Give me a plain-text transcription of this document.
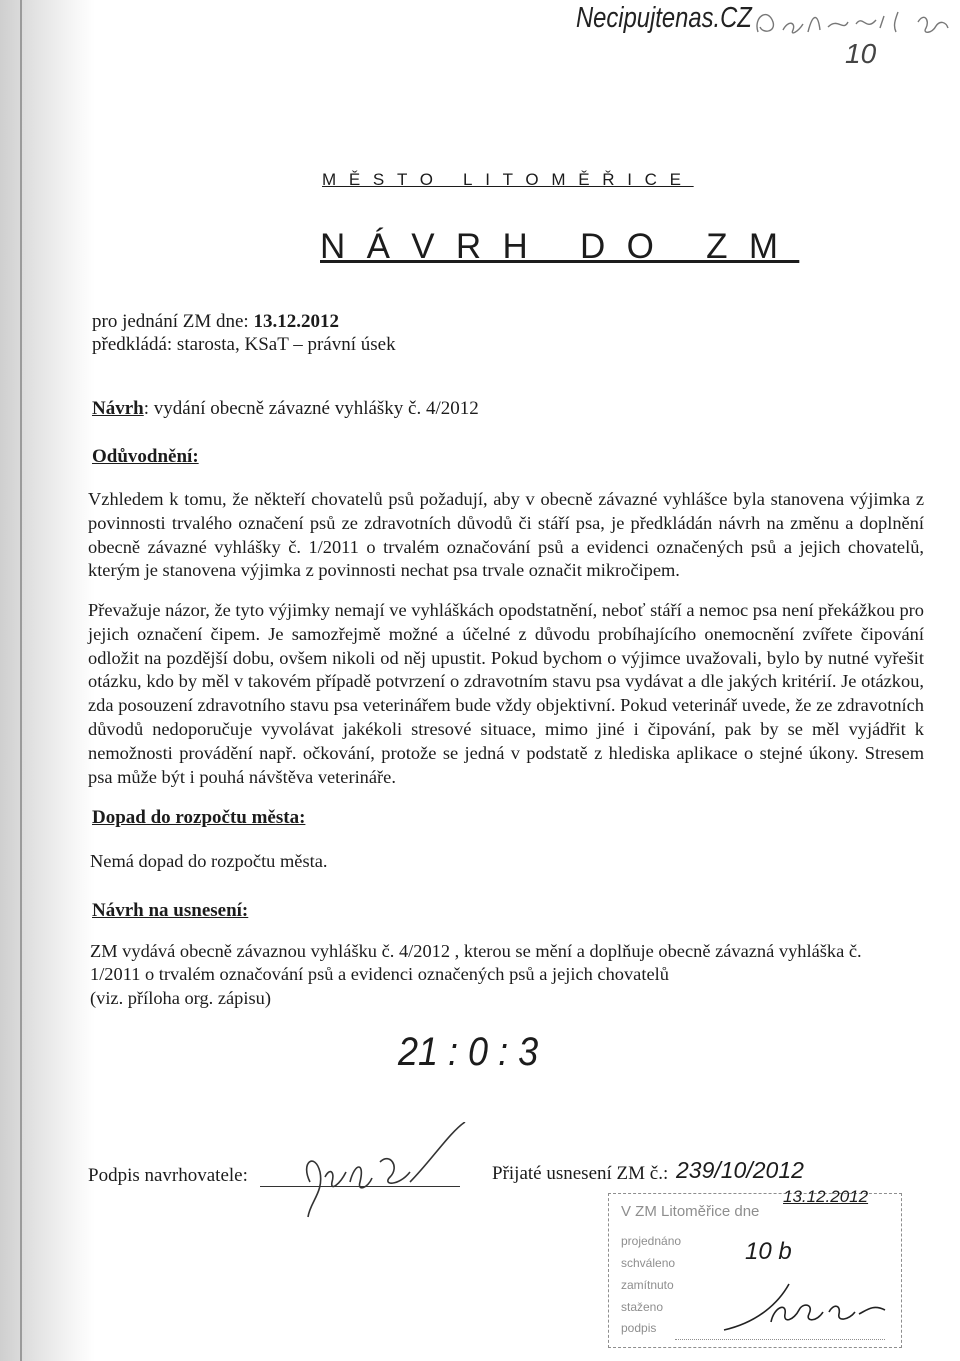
Necipujtenas.CZ
10
MĚSTO LITOMĚŘICE
NÁVRH DO ZM
pro jednání ZM dne: 13.12.2012
předkládá: starosta, KSaT – právní úsek
Návrh: vydání obecně závazné vyhlášky č. 4/2012
Odůvodnění:
Vzhledem k tomu, že někteří chovatelů psů požadují, aby v obecně závazné vyhlášce byla stanovena výjimka z povinnosti trvalého označení psů ze zdravotních důvodů či stáří psa, je předkládán návrh na změnu a doplnění obecně závazné vyhlášky č. 1/2011 o trvalém označování psů a evidenci označených psů a jejich chovatelů, kterým je stanovena výjimka z povinnosti nechat psa trvale označit mikročipem.
Převažuje názor, že tyto výjimky nemají ve vyhláškách opodstatnění, neboť stáří a nemoc psa není překážkou pro jejich označení čipem. Je samozřejmě možné a účelné z důvodu probíhajícího onemocnění zvířete čipování odložit na pozdější dobu, ovšem nikoli od něj upustit. Pokud bychom o výjimce uvažovali, bylo by nutné vyřešit otázku, kdo by měl v takovém případě potvrzení o zdravotním stavu psa vydávat a dle jakých kritérií. Je otázkou, zda posouzení zdravotního stavu psa veterinářem bude vždy objektivní. Pokud veterinář uvede, že ze zdravotních důvodů nedoporučuje vyvolávat jakékoli stresové situace, mimo jiné i čipování, pak by se měl vyjádřit k nemožnosti provádění např. očkování, protože se jedná v podstatě z hlediska aplikace o stejné úkony. Stresem psa může být i pouhá návštěva veterináře.
Dopad do rozpočtu města:
Nemá dopad do rozpočtu města.
Návrh na usnesení:
ZM vydává obecně závaznou vyhlášku č. 4/2012 , kterou se mění a doplňuje obecně závazná vyhláška č.
1/2011 o trvalém označování psů a evidenci označených psů a jejich chovatelů
(viz. příloha org. zápisu)
21 : 0 : 3
Podpis navrhovatele:	Přijaté usnesení ZM č.: 239/10/2012
V ZM Litoměřice dne
13.12.2012
projednáno
schváleno
zamítnuto
staženo
podpis
10 b
